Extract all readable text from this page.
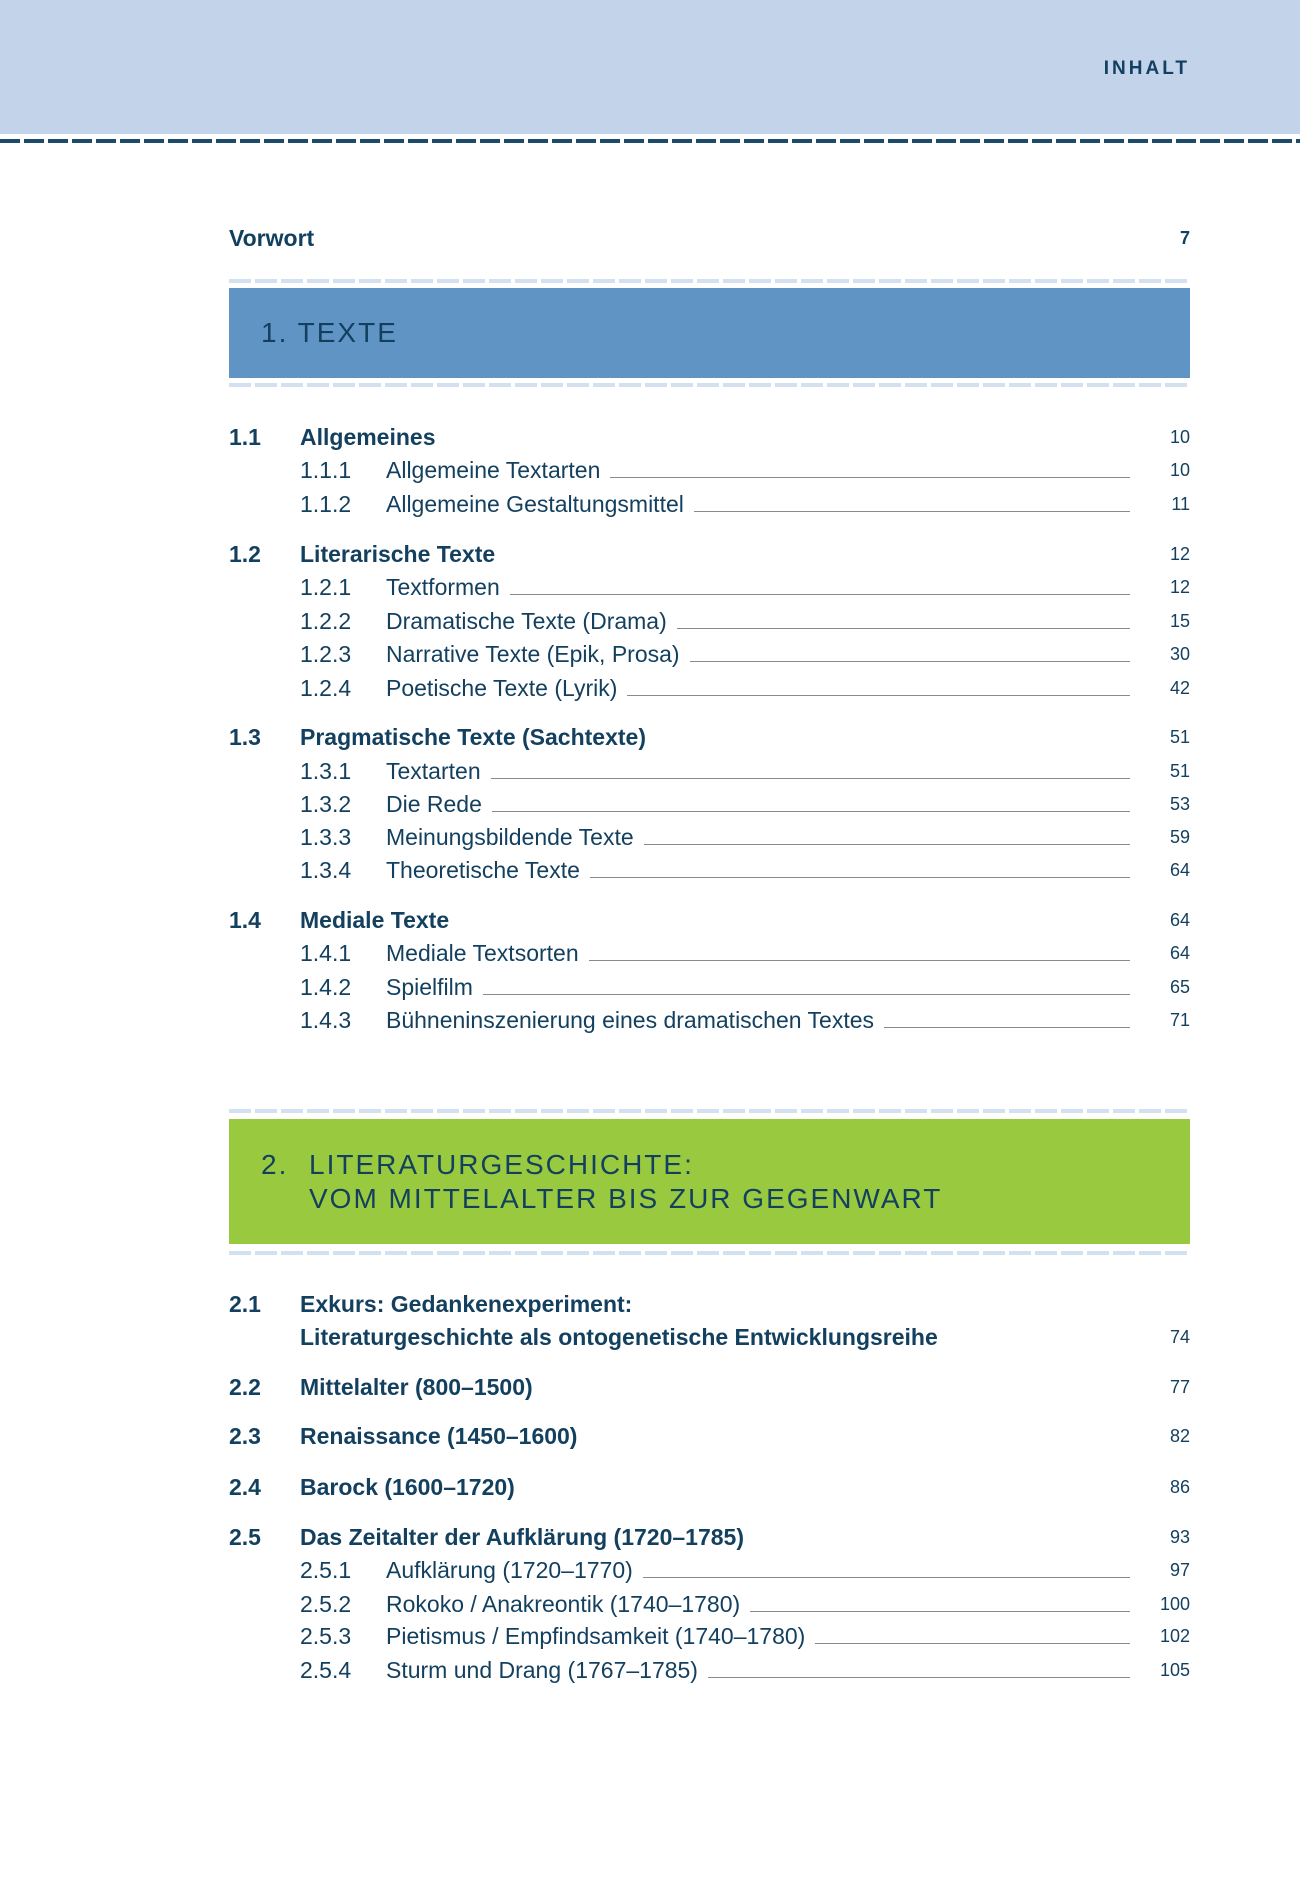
INHALT
Vorwort	7
1. TEXTE
1.1 Allgemeines	10
1.1.1 Allgemeine Textarten	10
1.1.2 Allgemeine Gestaltungsmittel	11
1.2 Literarische Texte	12
1.2.1 Textformen	12
1.2.2 Dramatische Texte (Drama)	15
1.2.3 Narrative Texte (Epik, Prosa)	30
1.2.4 Poetische Texte (Lyrik)	42
1.3 Pragmatische Texte (Sachtexte)	51
1.3.1 Textarten	51
1.3.2 Die Rede	53
1.3.3 Meinungsbildende Texte	59
1.3.4 Theoretische Texte	64
1.4 Mediale Texte	64
1.4.1 Mediale Textsorten	64
1.4.2 Spielfilm	65
1.4.3 Bühneninszenierung eines dramatischen Textes	71
2. LITERATURGESCHICHTE:
VOM MITTELALTER BIS ZUR GEGENWART
2.1 Exkurs: Gedankenexperiment:
Literaturgeschichte als ontogenetische Entwicklungsreihe	74
2.2 Mittelalter (800–1500)	77
2.3 Renaissance (1450–1600)	82
2.4 Barock (1600–1720)	86
2.5 Das Zeitalter der Aufklärung (1720–1785)	93
2.5.1 Aufklärung (1720–1770)	97
2.5.2 Rokoko / Anakreontik (1740–1780)	100
2.5.3 Pietismus / Empfindsamkeit (1740–1780)	102
2.5.4 Sturm und Drang (1767–1785)	105
